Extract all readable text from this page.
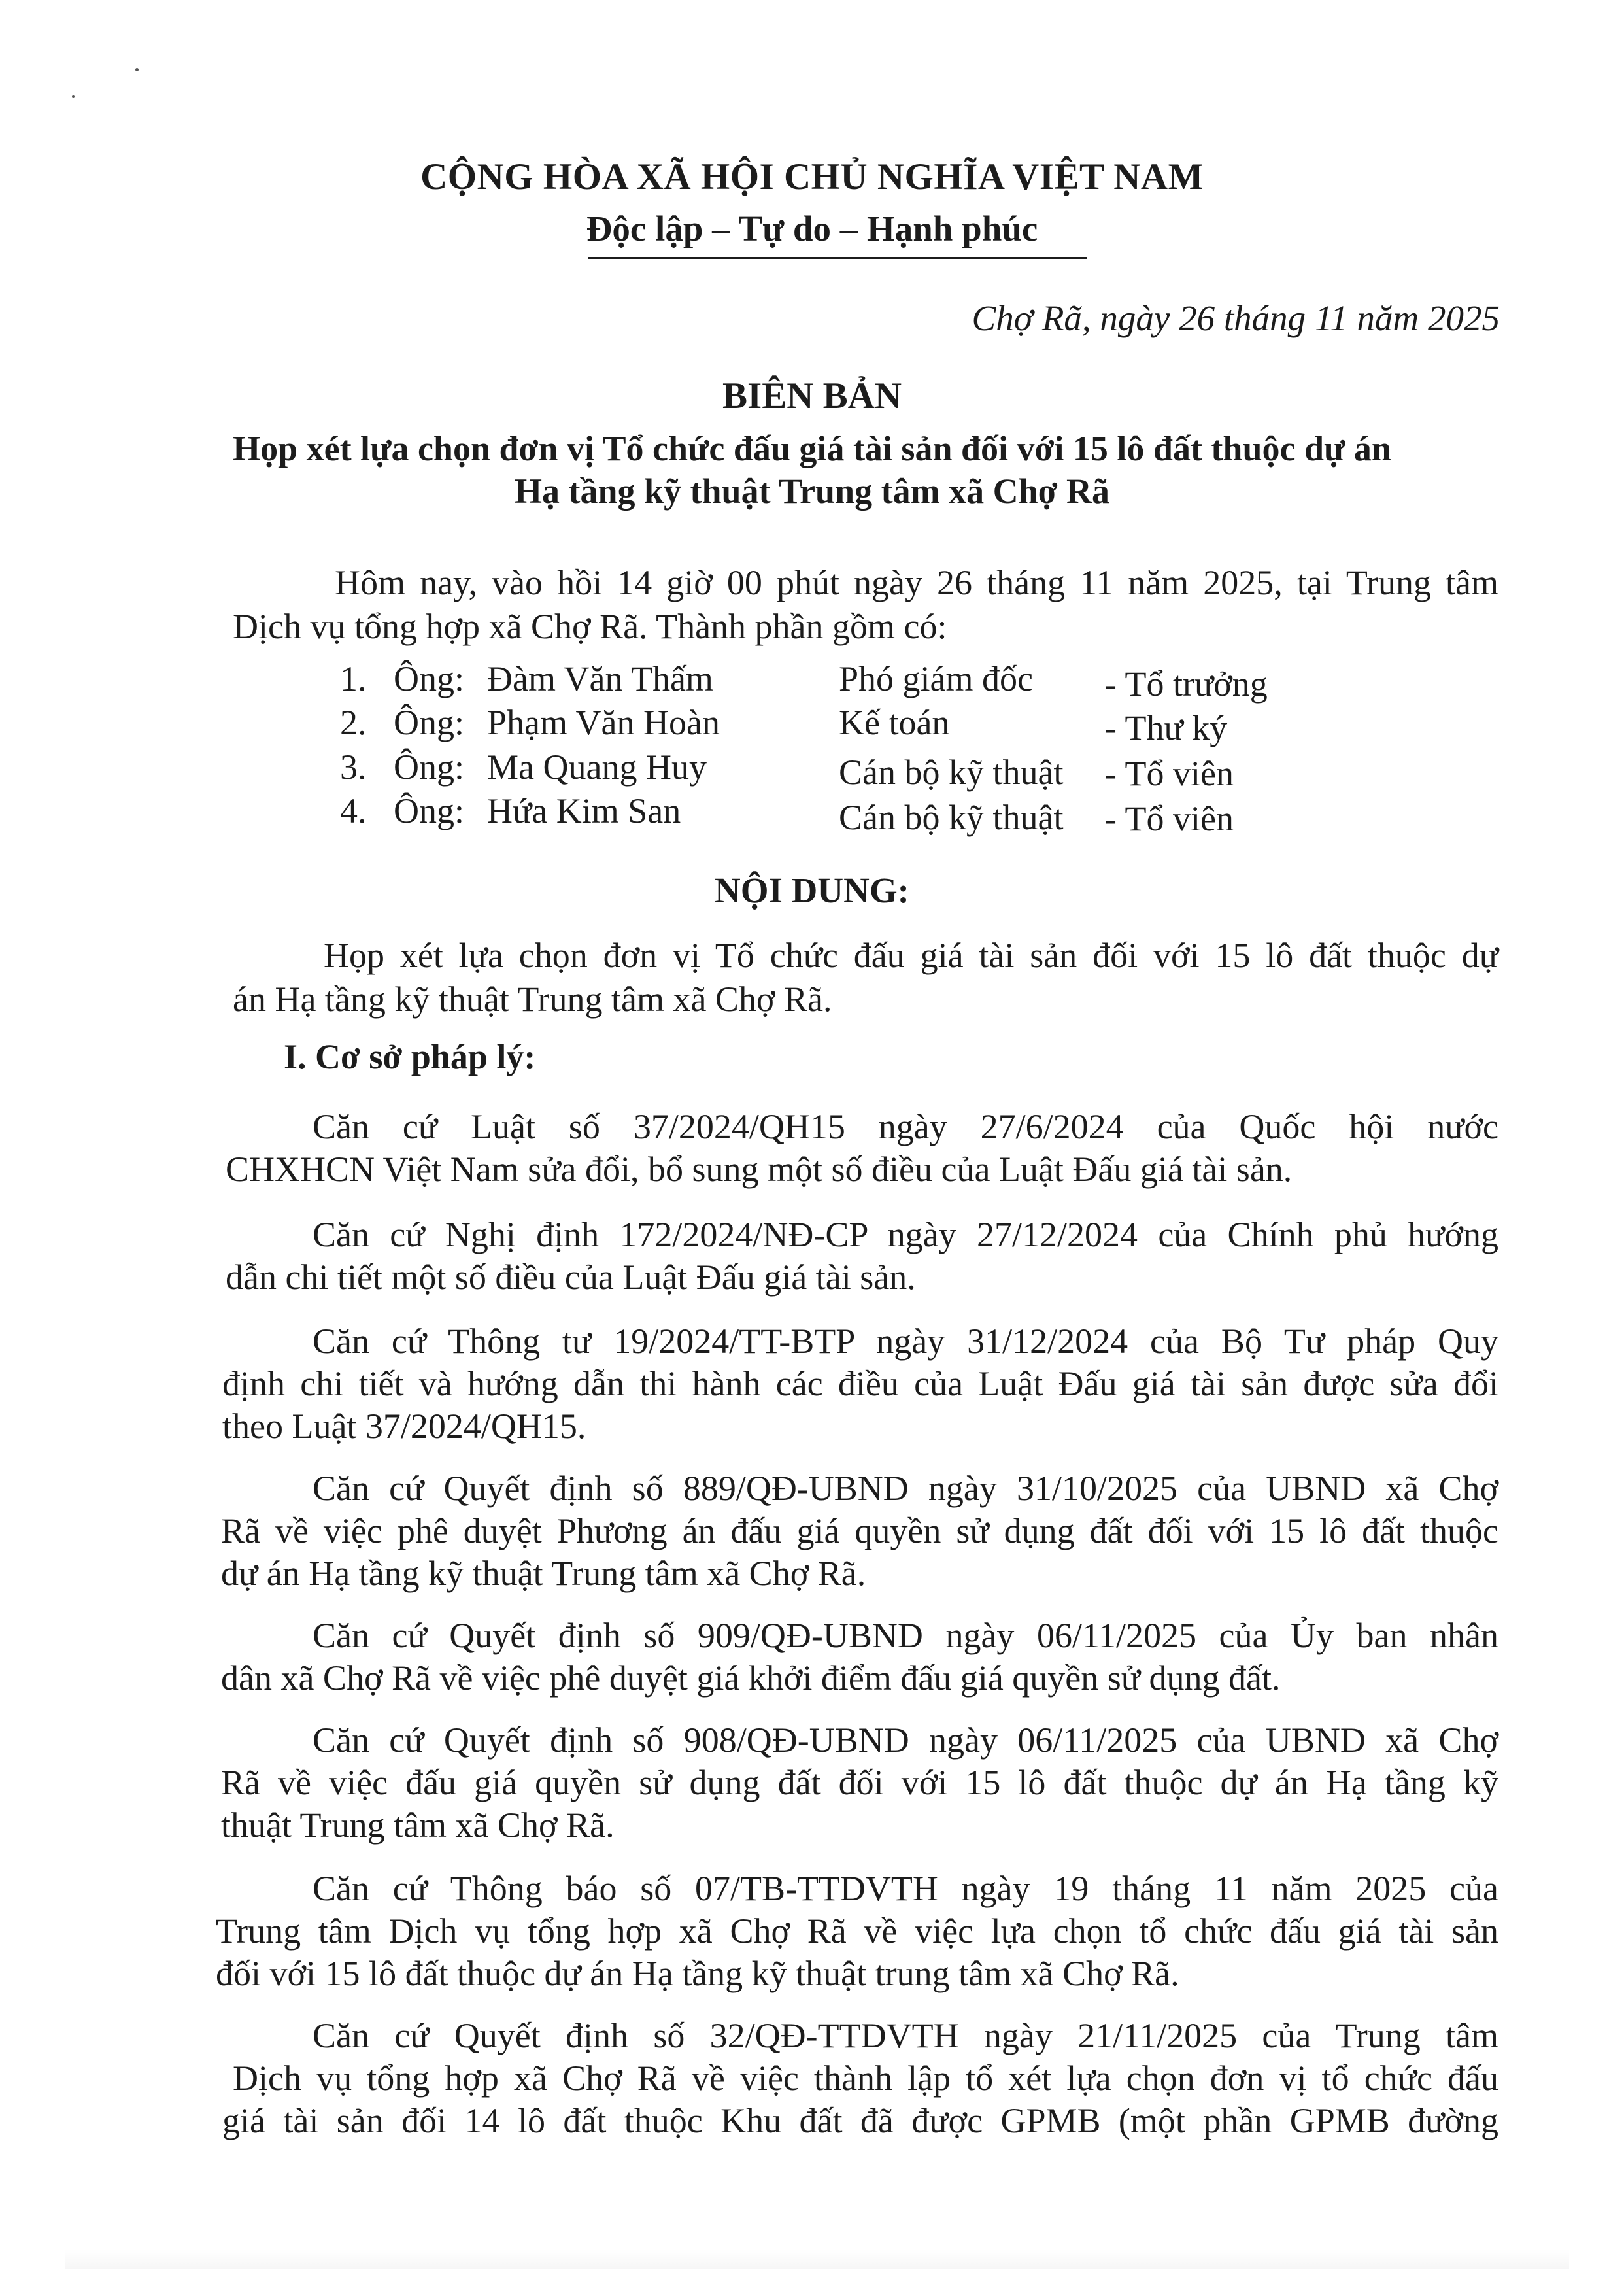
CỘNG HÒA XÃ HỘI CHỦ NGHĨA VIỆT NAM
Độc lập – Tự do – Hạnh phúc
Chợ Rã, ngày 26 tháng 11 năm 2025
BIÊN BẢN
Họp xét lựa chọn đơn vị Tổ chức đấu giá tài sản đối với 15 lô đất thuộc dự án
Hạ tầng kỹ thuật Trung tâm xã Chợ Rã
Hôm nay, vào hồi 14 giờ 00 phút ngày 26 tháng 11 năm 2025, tại Trung tâm
Dịch vụ tổng hợp xã Chợ Rã. Thành phần gồm có:
1. Ông: Đàm Văn Thấm	Phó giám đốc - Tổ trưởng
2. Ông: Phạm Văn Hoàn	Kế toán	- Thư ký
3. Ông: Ma Quang Huy	Cán bộ kỹ thuật - Tổ viên
4. Ông: Hứa Kim San	Cán bộ kỹ thuật - Tổ viên
NỘI DUNG:
Họp xét lựa chọn đơn vị Tổ chức đấu giá tài sản đối với 15 lô đất thuộc dự
án Hạ tầng kỹ thuật Trung tâm xã Chợ Rã.
I. Cơ sở pháp lý:
Căn cứ Luật số 37/2024/QH15 ngày 27/6/2024 của Quốc hội nước
CHXHCN Việt Nam sửa đổi, bổ sung một số điều của Luật Đấu giá tài sản.
Căn cứ Nghị định 172/2024/NĐ-CP ngày 27/12/2024 của Chính phủ hướng
dẫn chi tiết một số điều của Luật Đấu giá tài sản.
Căn cứ Thông tư 19/2024/TT-BTP ngày 31/12/2024 của Bộ Tư pháp Quy
định chi tiết và hướng dẫn thi hành các điều của Luật Đấu giá tài sản được sửa đổi
theo Luật 37/2024/QH15.
Căn cứ Quyết định số 889/QĐ-UBND ngày 31/10/2025 của UBND xã Chợ
Rã về việc phê duyệt Phương án đấu giá quyền sử dụng đất đối với 15 lô đất thuộc
dự án Hạ tầng kỹ thuật Trung tâm xã Chợ Rã.
Căn cứ Quyết định số 909/QĐ-UBND ngày 06/11/2025 của Ủy ban nhân
dân xã Chợ Rã về việc phê duyệt giá khởi điểm đấu giá quyền sử dụng đất.
Căn cứ Quyết định số 908/QĐ-UBND ngày 06/11/2025 của UBND xã Chợ
Rã về việc đấu giá quyền sử dụng đất đối với 15 lô đất thuộc dự án Hạ tầng kỹ
thuật Trung tâm xã Chợ Rã.
Căn cứ Thông báo số 07/TB-TTDVTH ngày 19 tháng 11 năm 2025 của
Trung tâm Dịch vụ tổng hợp xã Chợ Rã về việc lựa chọn tổ chức đấu giá tài sản
đối với 15 lô đất thuộc dự án Hạ tầng kỹ thuật trung tâm xã Chợ Rã.
Căn cứ Quyết định số 32/QĐ-TTDVTH ngày 21/11/2025 của Trung tâm
Dịch vụ tổng hợp xã Chợ Rã về việc thành lập tổ xét lựa chọn đơn vị tổ chức đấu
giá tài sản đối 14 lô đất thuộc Khu đất đã được GPMB (một phần GPMB đường
